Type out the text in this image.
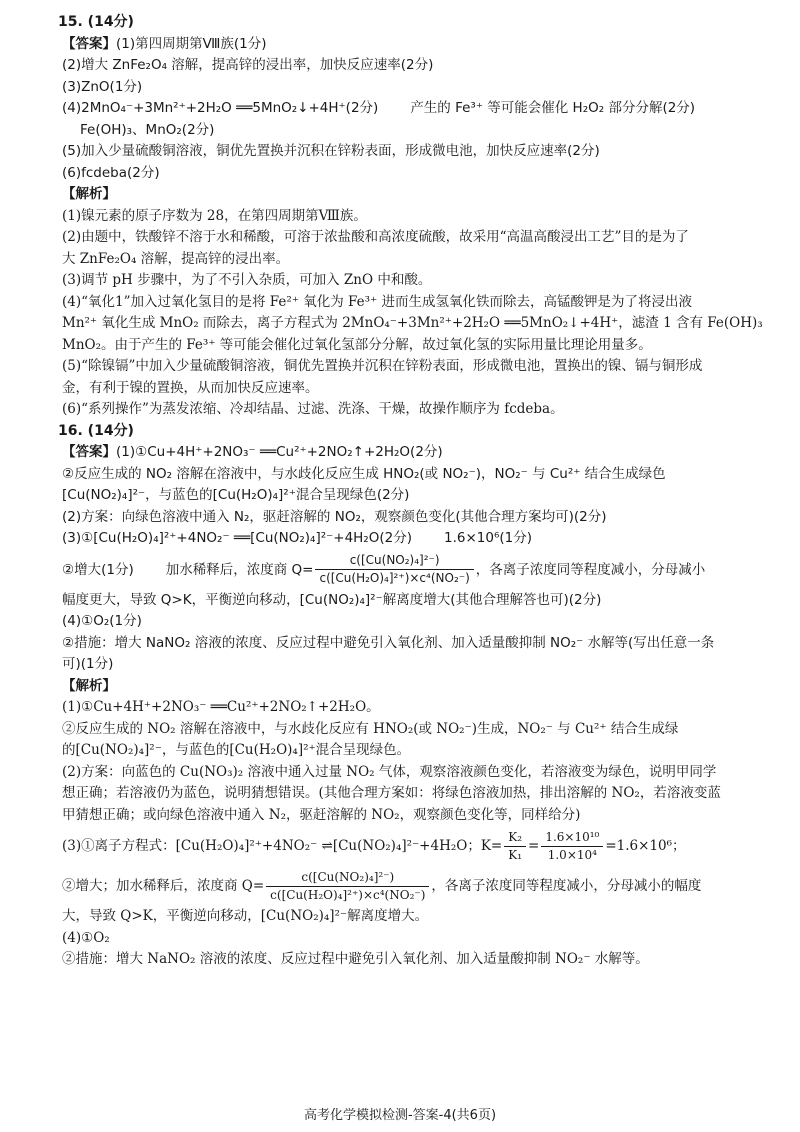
15. (14分)
【答案】(1)第四周期第Ⅷ族(1分)
(2)增大 ZnFe₂O₄ 溶解，提高锌的浸出率，加快反应速率(2分)
(3)ZnO(1分)
(4)2MnO₄⁻+3Mn²⁺+2H₂O ══5MnO₂↓+4H⁺(2分) 产生的 Fe³⁺ 等可能会催化 H₂O₂ 部分分解(2分)
Fe(OH)₃、MnO₂(2分)
(5)加入少量硫酸铜溶液，铜优先置换并沉积在锌粉表面，形成微电池，加快反应速率(2分)
(6)fcdeba(2分)
【解析】
(1)镍元素的原子序数为 28，在第四周期第Ⅷ族。
(2)由题中，铁酸锌不溶于水和稀酸，可溶于浓盐酸和高浓度硫酸，故采用“高温高酸浸出工艺”目的是为了
大 ZnFe₂O₄ 溶解，提高锌的浸出率。
(3)调节 pH 步骤中，为了不引入杂质，可加入 ZnO 中和酸。
(4)“氧化1”加入过氧化氢目的是将 Fe²⁺ 氧化为 Fe³⁺ 进而生成氢氧化铁而除去，高锰酸钾是为了将浸出液
Mn²⁺ 氧化生成 MnO₂ 而除去，离子方程式为 2MnO₄⁻+3Mn²⁺+2H₂O ══5MnO₂↓+4H⁺，滤渣 1 含有 Fe(OH)₃
MnO₂。由于产生的 Fe³⁺ 等可能会催化过氧化氢部分分解，故过氧化氢的实际用量比理论用量多。
(5)“除镍镉”中加入少量硫酸铜溶液，铜优先置换并沉积在锌粉表面，形成微电池，置换出的镍、镉与铜形成
金，有利于镍的置换，从而加快反应速率。
(6)“系列操作”为蒸发浓缩、冷却结晶、过滤、洗涤、干燥，故操作顺序为 fcdeba。
16. (14分)
【答案】(1)①Cu+4H⁺+2NO₃⁻ ══Cu²⁺+2NO₂↑+2H₂O(2分)
②反应生成的 NO₂ 溶解在溶液中，与水歧化反应生成 HNO₂(或 NO₂⁻)，NO₂⁻ 与 Cu²⁺ 结合生成绿色
[Cu(NO₂)₄]²⁻，与蓝色的[Cu(H₂O)₄]²⁺混合呈现绿色(2分)
(2)方案：向绿色溶液中通入 N₂，驱赶溶解的 NO₂，观察颜色变化(其他合理方案均可)(2分)
(3)①[Cu(H₂O)₄]²⁺+4NO₂⁻ ══[Cu(NO₂)₄]²⁻+4H₂O(2分) 1.6×10⁶(1分)
②增大(1分) 加水稀释后，浓度商 $Q= \frac{\text{c([Cu(NO₂)₄]²⁻)}}{\text{c([Cu(H₂O)₄]²⁺)×c⁴(NO₂⁻)}}$ ，各离子浓度同等程度减小，分母减小
幅度更大，导致 Q>K，平衡逆向移动，[Cu(NO₂)₄]²⁻解离度增大(其他合理解答也可)(2分)
(4)①O₂(1分)
②措施：增大 NaNO₂ 溶液的浓度、反应过程中避免引入氧化剂、加入适量酸抑制 NO₂⁻ 水解等(写出任意一条
可)(1分)
【解析】
(1)①Cu+4H⁺+2NO₃⁻ ══Cu²⁺+2NO₂↑+2H₂O。
②反应生成的 NO₂ 溶解在溶液中，与水歧化反应有 HNO₂(或 NO₂⁻)生成，NO₂⁻ 与 Cu²⁺ 结合生成绿
的[Cu(NO₂)₄]²⁻，与蓝色的[Cu(H₂O)₄]²⁺混合呈现绿色。
(2)方案：向蓝色的 Cu(NO₃)₂ 溶液中通入过量 NO₂ 气体，观察溶液颜色变化，若溶液变为绿色，说明甲同学
想正确；若溶液仍为蓝色，说明猜想错误。(其他合理方案如：将绿色溶液加热，排出溶解的 NO₂，若溶液变蓝
甲猜想正确；或向绿色溶液中通入 N₂，驱赶溶解的 NO₂，观察颜色变化等，同样给分)
(3)①离子方程式：[Cu(H₂O)₄]²⁺+4NO₂⁻ ⇌[Cu(NO₂)₄]²⁻+4H₂O；$K= \frac{\text{K₂}}{\text{K₁}} = \frac{\text{1.6×10¹⁰}}{\text{1.0×10⁴}} =1.6\times 10^6$；
②增大；加水稀释后，浓度商 $Q= \frac{\text{c([Cu(NO₂)₄]²⁻)}}{\text{c([Cu(H₂O)₄]²⁺)×c⁴(NO₂⁻)}}$ ，各离子浓度同等程度减小，分母减小的幅度
大，导致 Q>K，平衡逆向移动，[Cu(NO₂)₄]²⁻解离度增大。
(4)①O₂
②措施：增大 NaNO₂ 溶液的浓度、反应过程中避免引入氧化剂、加入适量酸抑制 NO₂⁻ 水解等。
高考化学模拟检测-答案-4(共6页)
